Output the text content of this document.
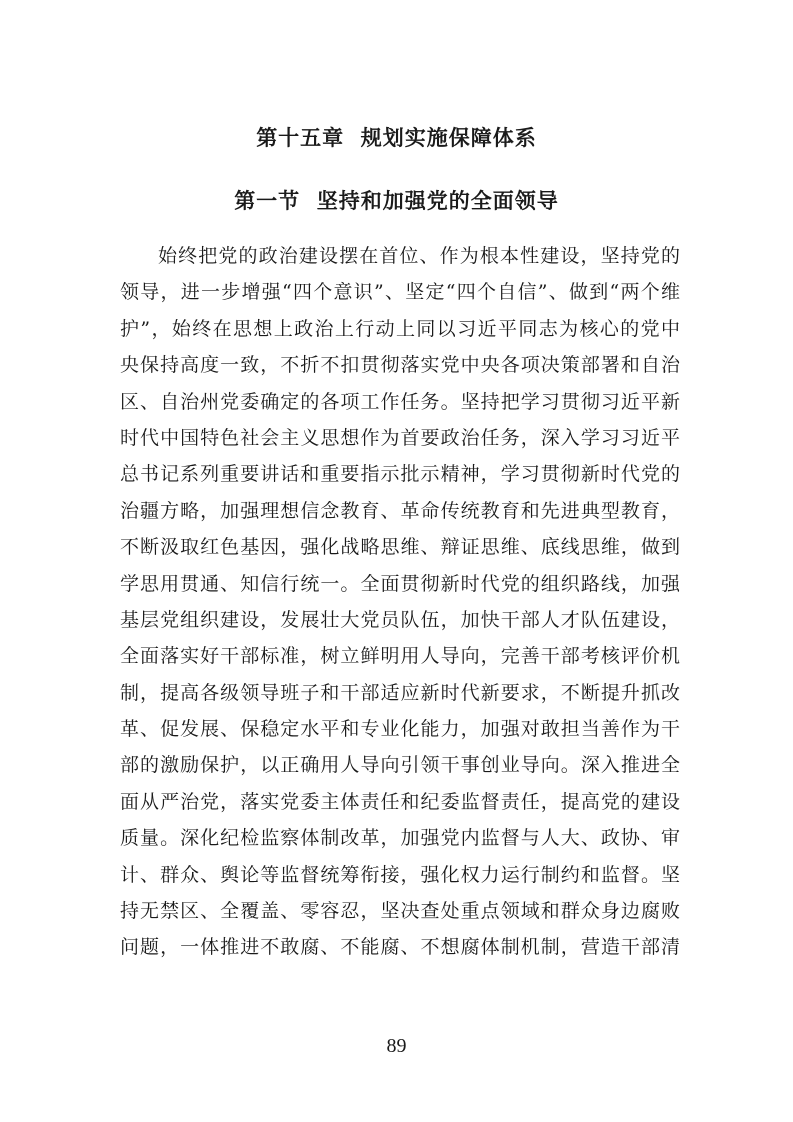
第十五章  规划实施保障体系
第一节  坚持和加强党的全面领导
始终把党的政治建设摆在首位、作为根本性建设，坚持党的
领导，进一步增强“四个意识”、坚定“四个自信”、做到“两个维
护”，始终在思想上政治上行动上同以习近平同志为核心的党中
央保持高度一致，不折不扣贯彻落实党中央各项决策部署和自治
区、自治州党委确定的各项工作任务。坚持把学习贯彻习近平新
时代中国特色社会主义思想作为首要政治任务，深入学习习近平
总书记系列重要讲话和重要指示批示精神，学习贯彻新时代党的
治疆方略，加强理想信念教育、革命传统教育和先进典型教育，
不断汲取红色基因，强化战略思维、辩证思维、底线思维，做到
学思用贯通、知信行统一。全面贯彻新时代党的组织路线，加强
基层党组织建设，发展壮大党员队伍，加快干部人才队伍建设，
全面落实好干部标准，树立鲜明用人导向，完善干部考核评价机
制，提高各级领导班子和干部适应新时代新要求，不断提升抓改
革、促发展、保稳定水平和专业化能力，加强对敢担当善作为干
部的激励保护，以正确用人导向引领干事创业导向。深入推进全
面从严治党，落实党委主体责任和纪委监督责任，提高党的建设
质量。深化纪检监察体制改革，加强党内监督与人大、政协、审
计、群众、舆论等监督统筹衔接，强化权力运行制约和监督。坚
持无禁区、全覆盖、零容忍，坚决查处重点领域和群众身边腐败
问题，一体推进不敢腐、不能腐、不想腐体制机制，营造干部清
89
